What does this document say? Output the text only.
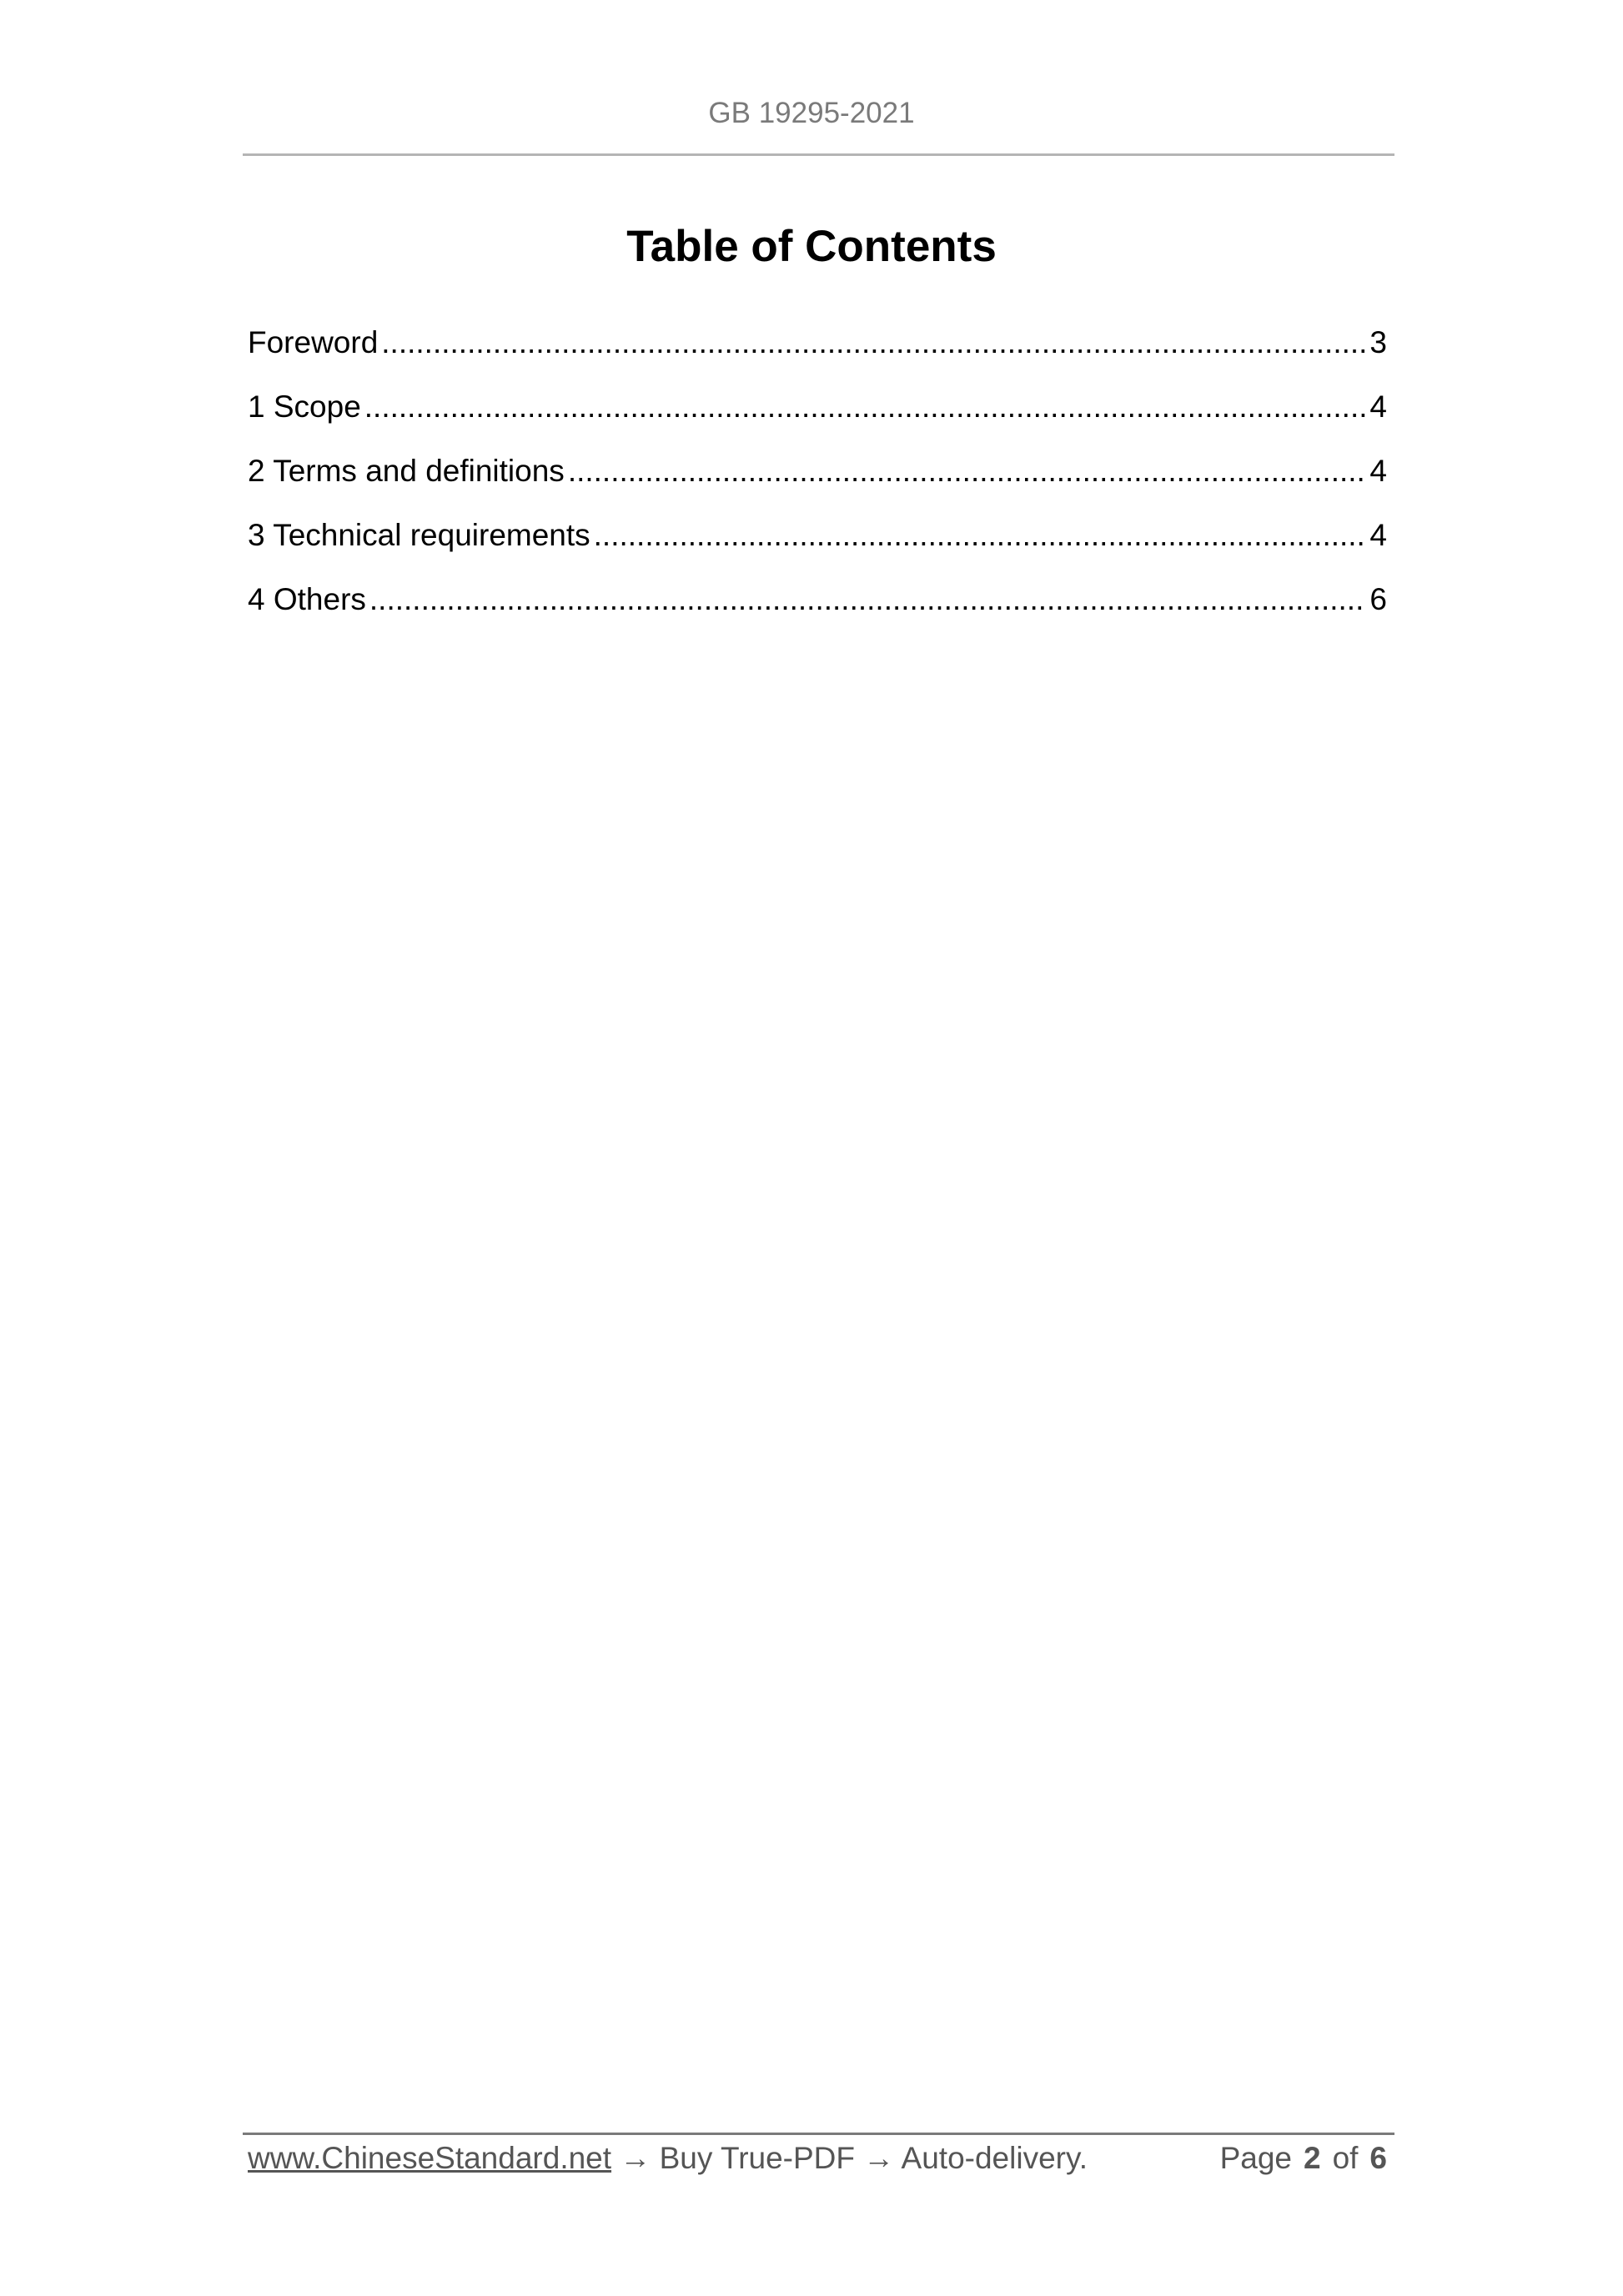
GB 19295-2021
Table of Contents
Foreword .....	3
1 Scope .....	4
2 Terms and definitions .....	4
3 Technical requirements .....	4
4 Others .....	6
www.ChineseStandard.net → Buy True-PDF → Auto-delivery.	Page 2 of 6
